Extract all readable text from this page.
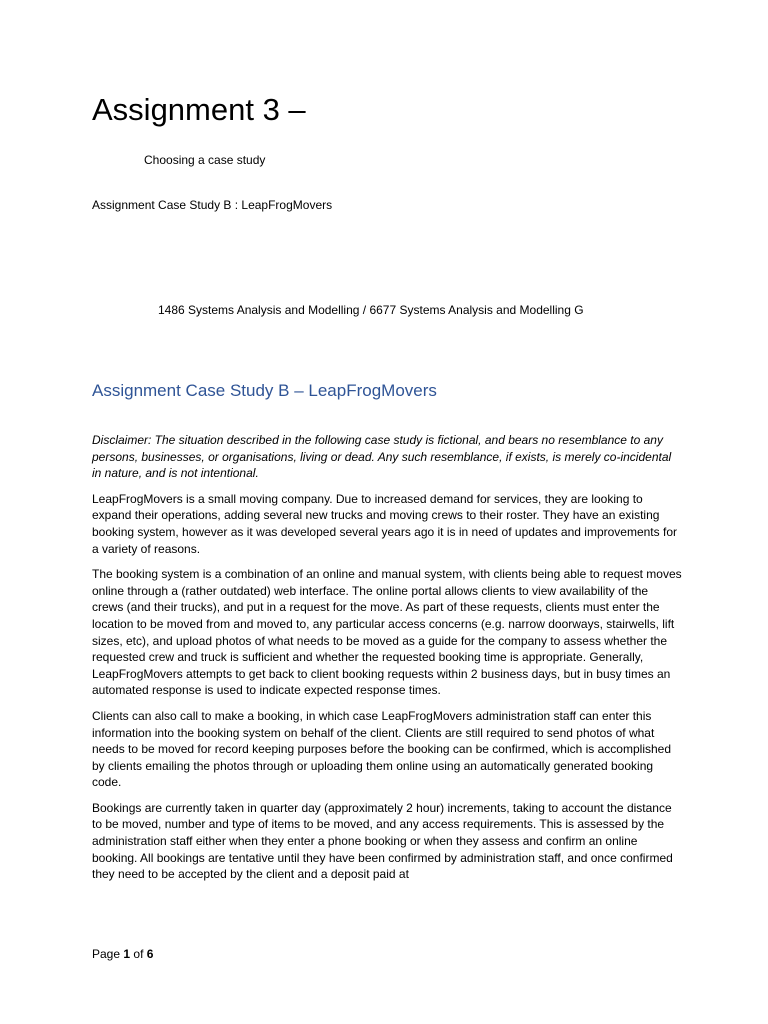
Assignment 3 –
Choosing a case study
Assignment Case Study B : LeapFrogMovers
1486 Systems Analysis and Modelling / 6677 Systems Analysis and Modelling G
Assignment Case Study B – LeapFrogMovers

Disclaimer: The situation described in the following case study is fictional, and bears no resemblance to any persons, businesses, or organisations, living or dead. Any such resemblance, if exists, is merely co-incidental in nature, and is not intentional.

LeapFrogMovers is a small moving company. Due to increased demand for services, they are looking to expand their operations, adding several new trucks and moving crews to their roster. They have an existing booking system, however as it was developed several years ago it is in need of updates and improvements for a variety of reasons.

The booking system is a combination of an online and manual system, with clients being able to request moves online through a (rather outdated) web interface. The online portal allows clients to view availability of the crews (and their trucks), and put in a request for the move. As part of these requests, clients must enter the location to be moved from and moved to, any particular access concerns (e.g. narrow doorways, stairwells, lift sizes, etc), and upload photos of what needs to be moved as a guide for the company to assess whether the requested crew and truck is sufficient and whether the requested booking time is appropriate. Generally, LeapFrogMovers attempts to get back to client booking requests within 2 business days, but in busy times an automated response is used to indicate expected response times.

Clients can also call to make a booking, in which case LeapFrogMovers administration staff can enter this information into the booking system on behalf of the client. Clients are still required to send photos of what needs to be moved for record keeping purposes before the booking can be confirmed, which is accomplished by clients emailing the photos through or uploading them online using an automatically generated booking code.

Bookings are currently taken in quarter day (approximately 2 hour) increments, taking to account the distance to be moved, number and type of items to be moved, and any access requirements. This is assessed by the administration staff either when they enter a phone booking or when they assess and confirm an online booking. All bookings are tentative until they have been confirmed by administration staff, and once confirmed they need to be accepted by the client and a deposit paid at

Page 1 of 6
